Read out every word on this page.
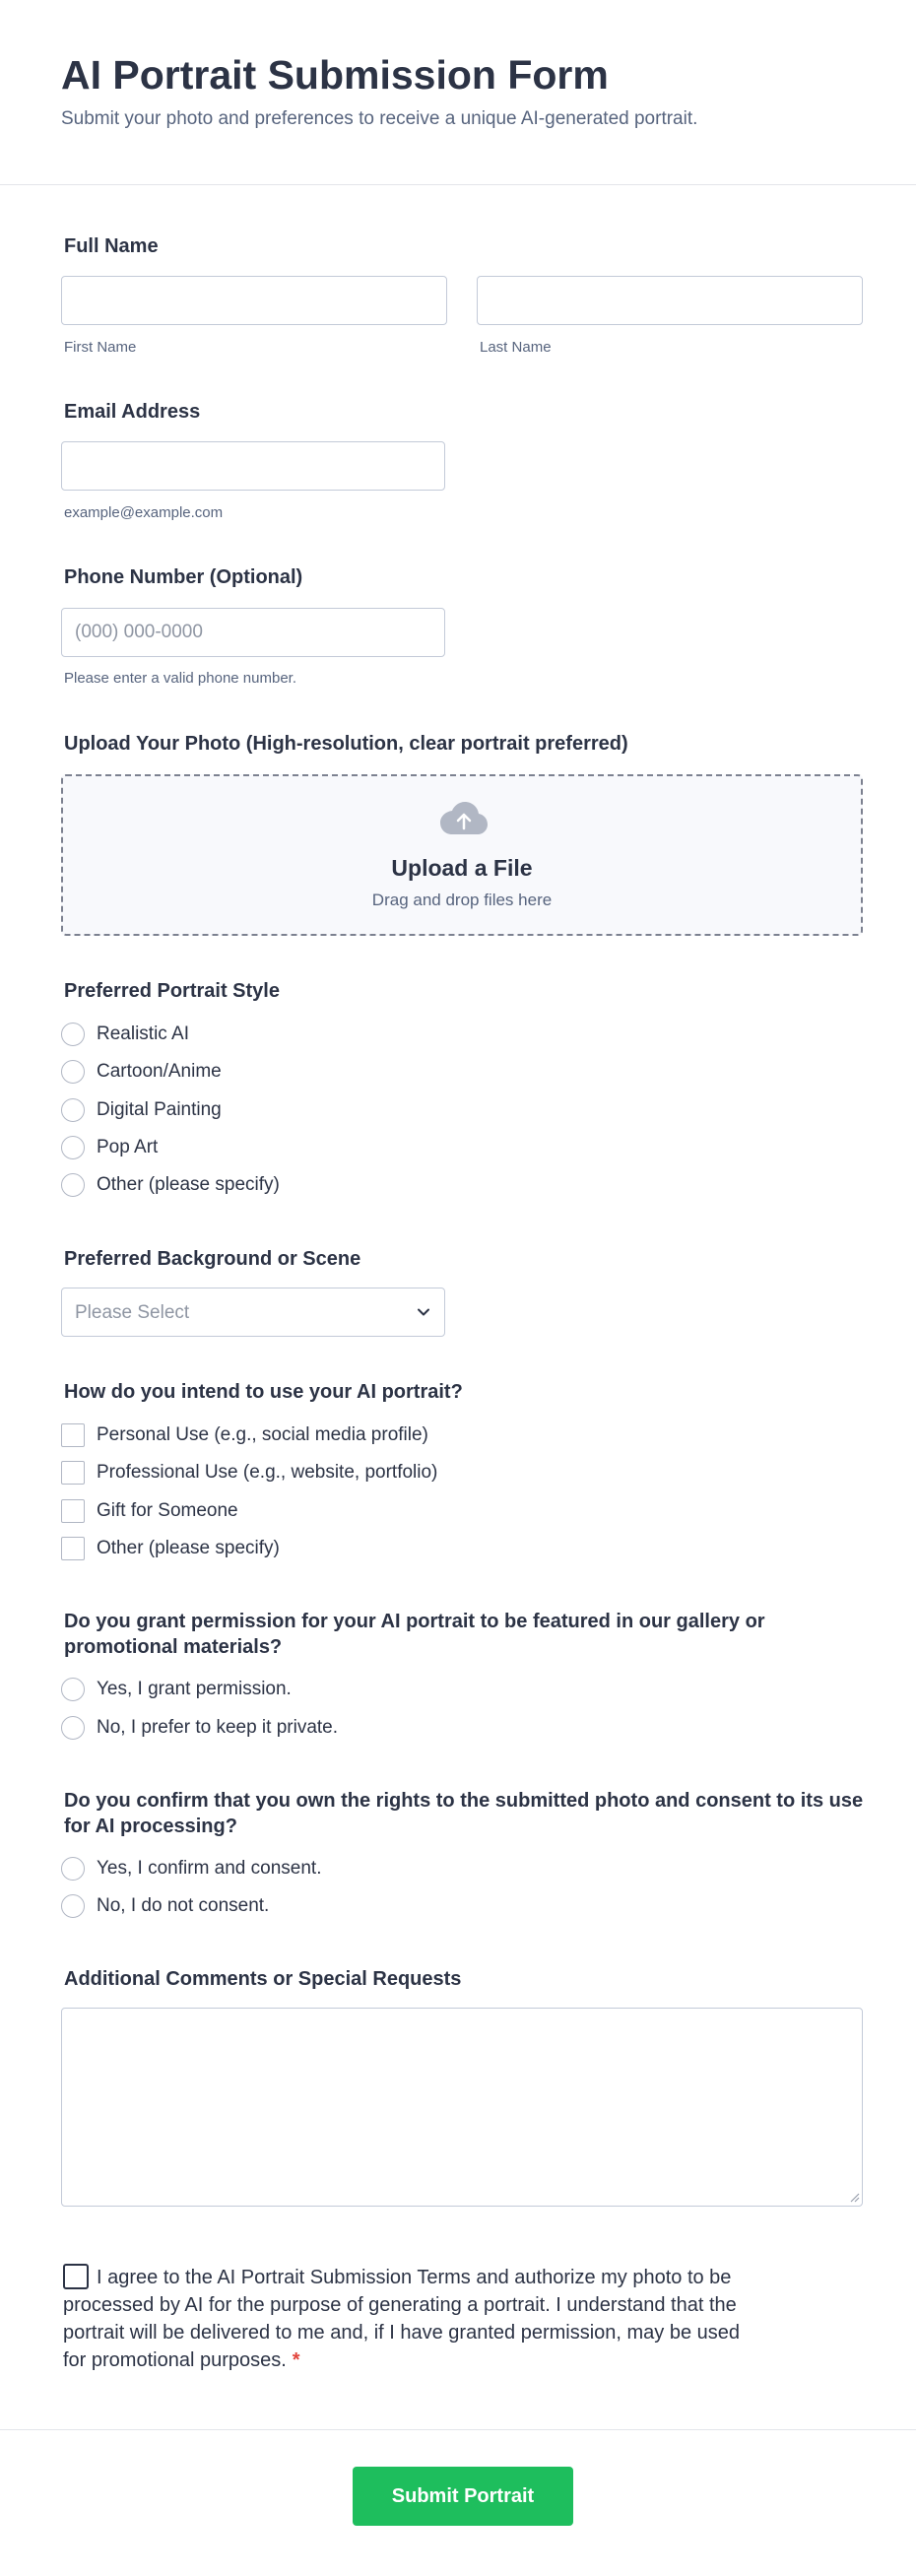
AI Portrait Submission Form
Submit your photo and preferences to receive a unique AI-generated portrait.
Full Name
First Name	Last Name
Email Address
example@example.com
Phone Number (Optional)
(000) 000-0000
Please enter a valid phone number.
Upload Your Photo (High-resolution, clear portrait preferred)
Upload a File
Drag and drop files here
Preferred Portrait Style
Realistic AI
Cartoon/Anime
Digital Painting
Pop Art
Other (please specify)
Preferred Background or Scene
Please Select
How do you intend to use your AI portrait?
Personal Use (e.g., social media profile)
Professional Use (e.g., website, portfolio)
Gift for Someone
Other (please specify)
Do you grant permission for your AI portrait to be featured in our gallery or
promotional materials?
Yes, I grant permission.
No, I prefer to keep it private.
Do you confirm that you own the rights to the submitted photo and consent to its use
for AI processing?
Yes, I confirm and consent.
No, I do not consent.
Additional Comments or Special Requests
I agree to the AI Portrait Submission Terms and authorize my photo to be processed by AI for the purpose of generating a portrait. I understand that the portrait will be delivered to me and, if I have granted permission, may be used for promotional purposes. *
Submit Portrait
